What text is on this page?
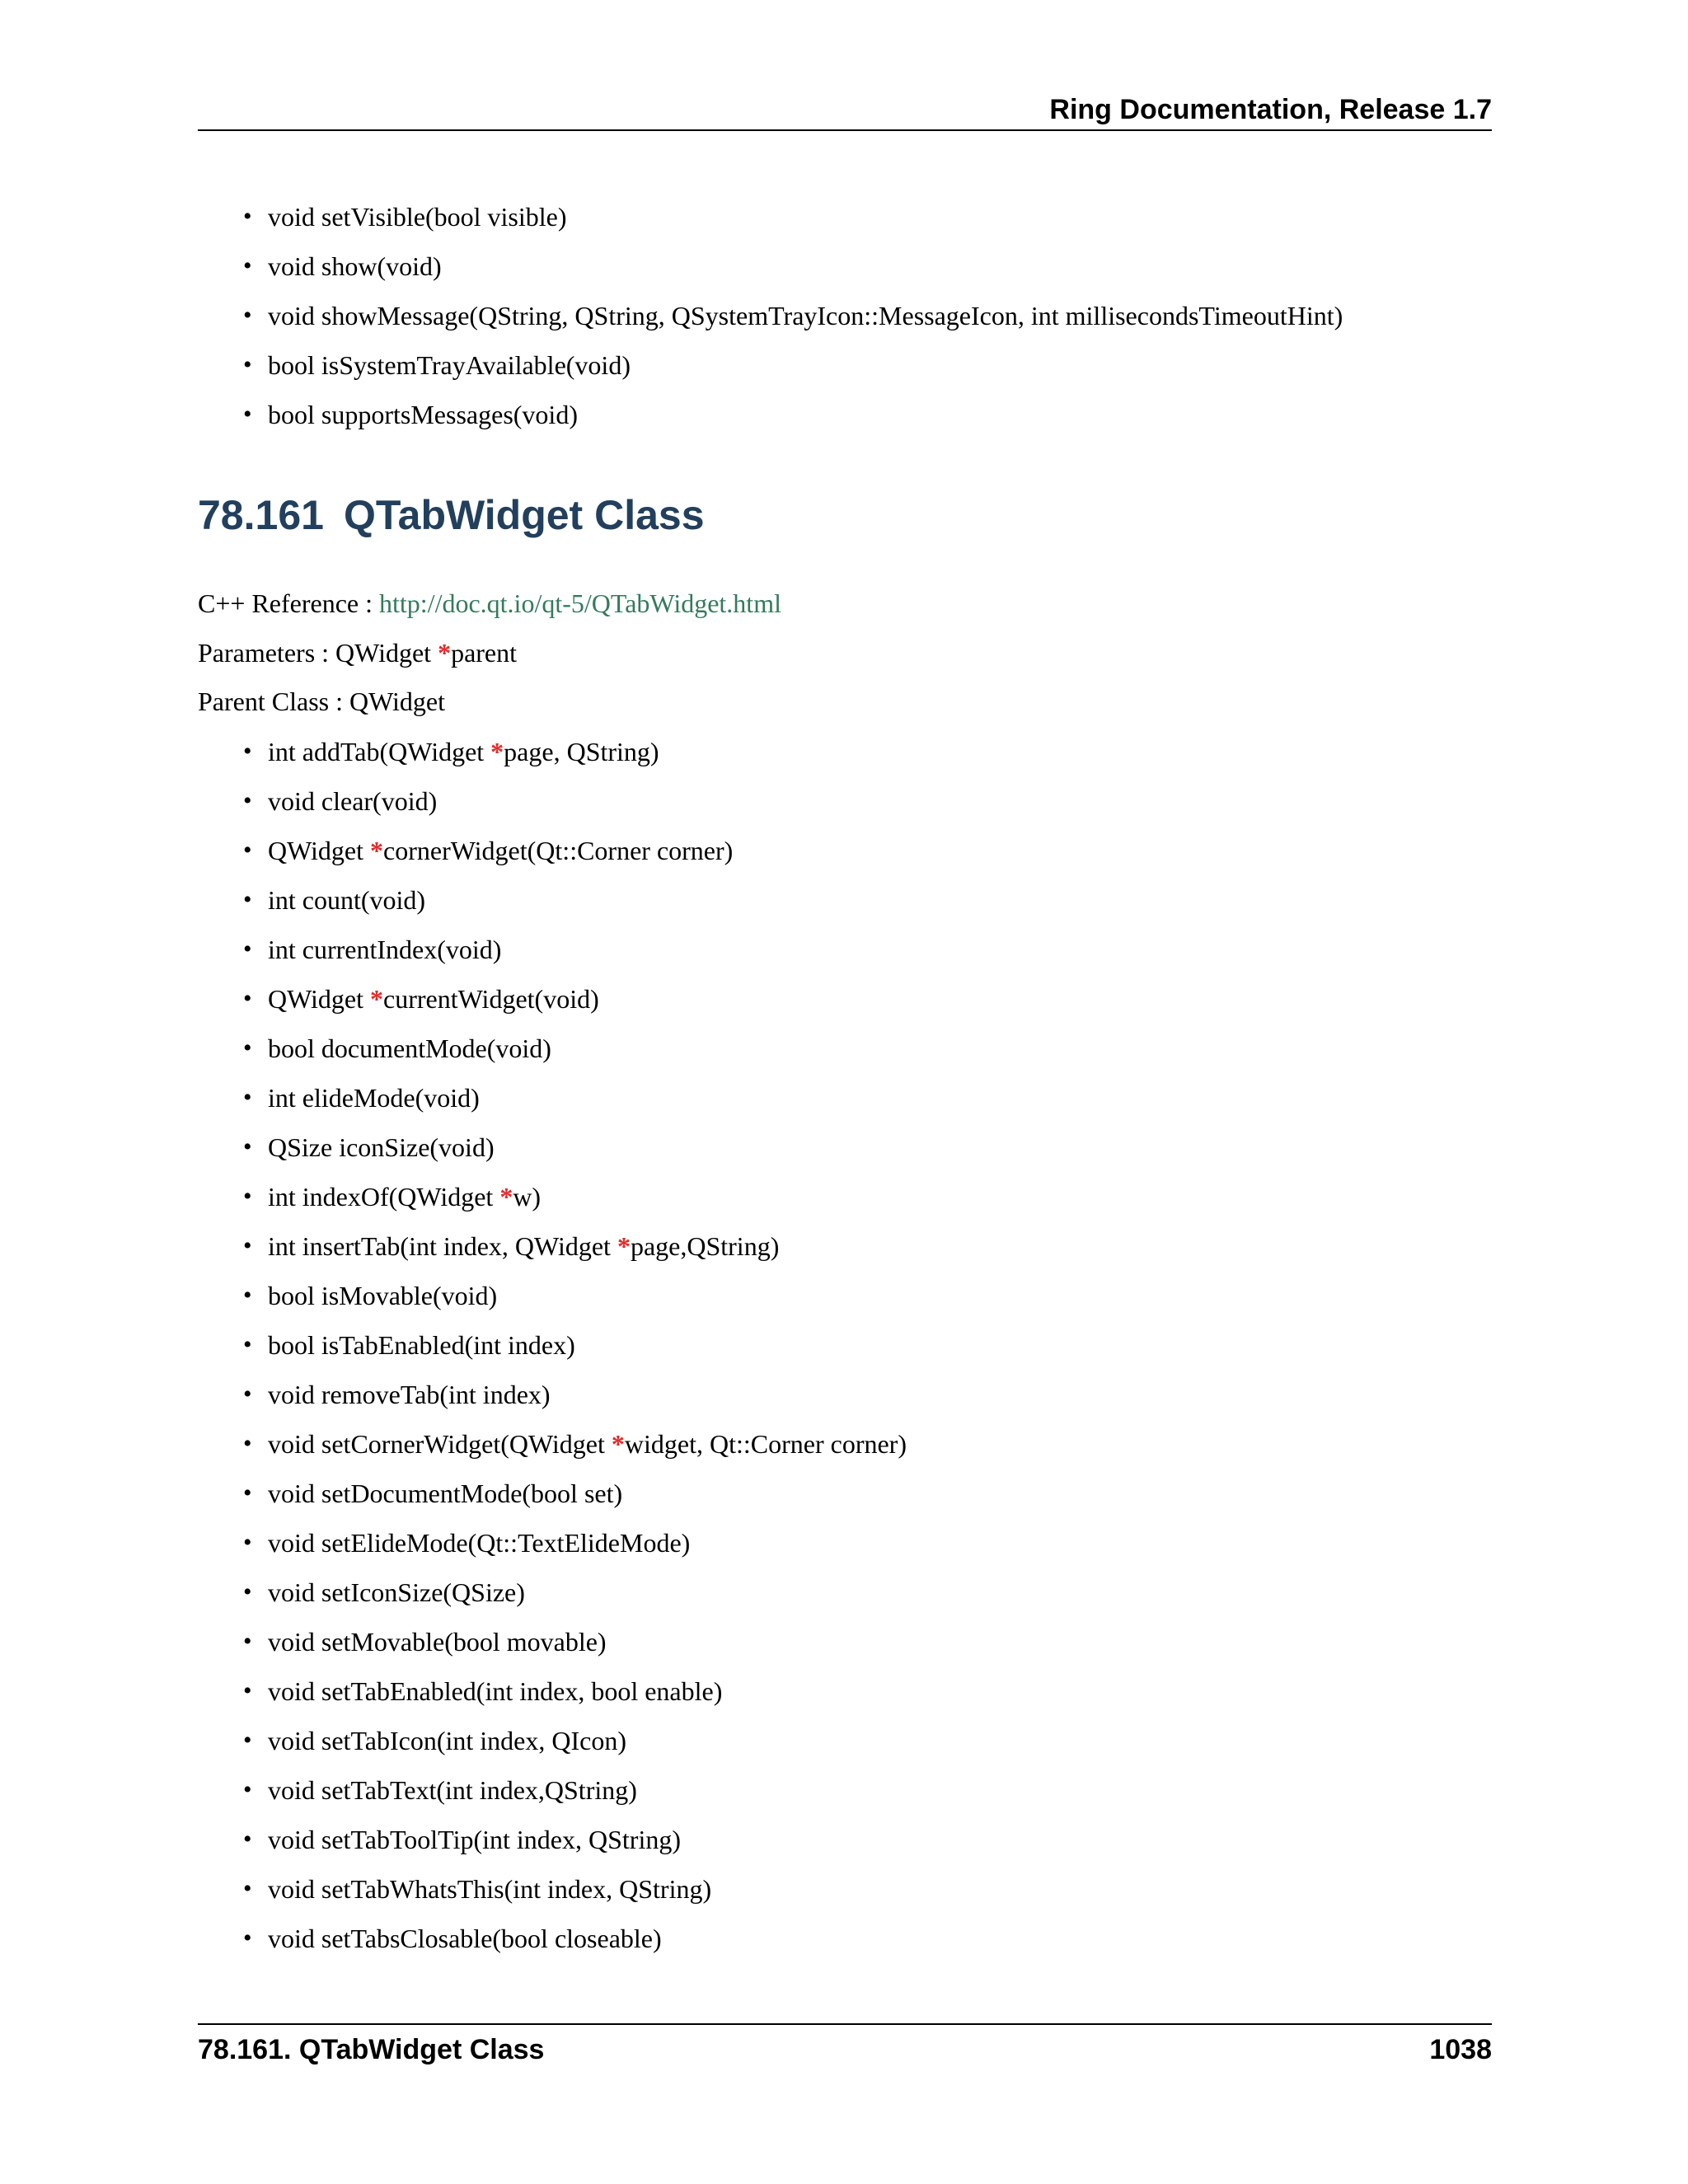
Ring Documentation, Release 1.7
• void setVisible(bool visible)
• void show(void)
• void showMessage(QString, QString, QSystemTrayIcon::MessageIcon, int millisecondsTimeoutHint)
• bool isSystemTrayAvailable(void)
• bool supportsMessages(void)
78.161 QTabWidget Class
C++ Reference : http://doc.qt.io/qt-5/QTabWidget.html
Parameters : QWidget *parent
Parent Class : QWidget
• int addTab(QWidget *page, QString)
• void clear(void)
• QWidget *cornerWidget(Qt::Corner corner)
• int count(void)
• int currentIndex(void)
• QWidget *currentWidget(void)
• bool documentMode(void)
• int elideMode(void)
• QSize iconSize(void)
• int indexOf(QWidget *w)
• int insertTab(int index, QWidget *page,QString)
• bool isMovable(void)
• bool isTabEnabled(int index)
• void removeTab(int index)
• void setCornerWidget(QWidget *widget, Qt::Corner corner)
• void setDocumentMode(bool set)
• void setElideMode(Qt::TextElideMode)
• void setIconSize(QSize)
• void setMovable(bool movable)
• void setTabEnabled(int index, bool enable)
• void setTabIcon(int index, QIcon)
• void setTabText(int index,QString)
• void setTabToolTip(int index, QString)
• void setTabWhatsThis(int index, QString)
• void setTabsClosable(bool closeable)
78.161. QTabWidget Class	1038
